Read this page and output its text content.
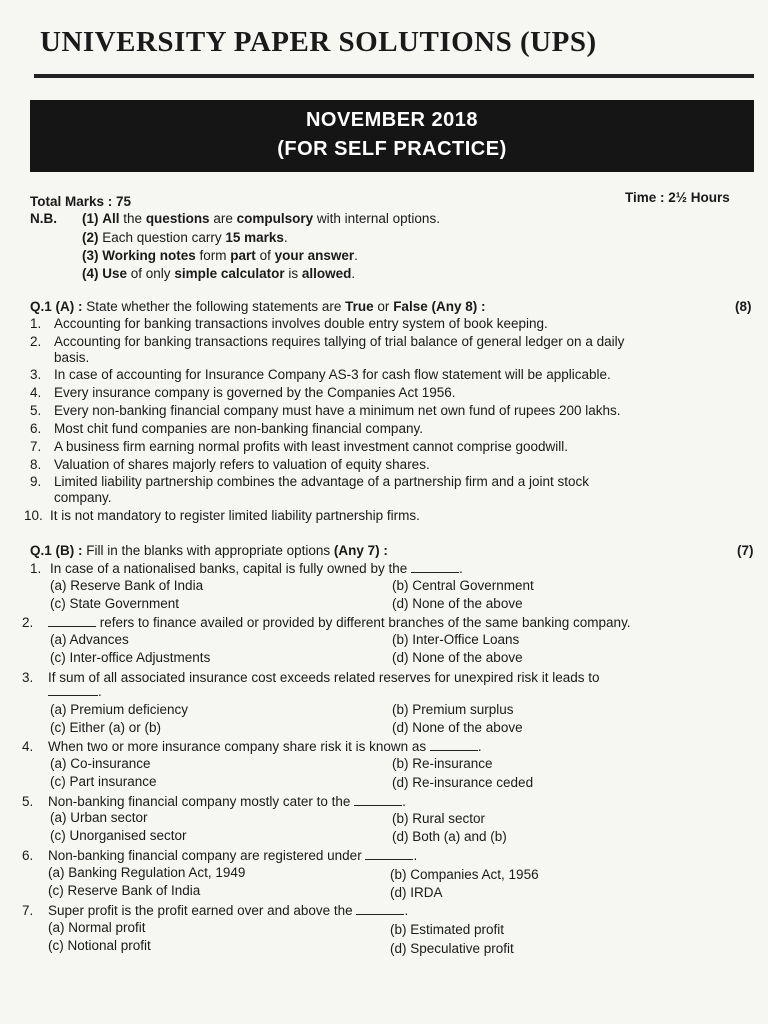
UNIVERSITY PAPER SOLUTIONS (UPS)
NOVEMBER 2018
(FOR SELF PRACTICE)
Total Marks : 75	Time : 2½ Hours
N.B. (1) All the questions are compulsory with internal options.
(2) Each question carry 15 marks.
(3) Working notes form part of your answer.
(4) Use of only simple calculator is allowed.
Q.1 (A) : State whether the following statements are True or False (Any 8) :	(8)
1. Accounting for banking transactions involves double entry system of book keeping.
2. Accounting for banking transactions requires tallying of trial balance of general ledger on a daily
basis.
3. In case of accounting for Insurance Company AS-3 for cash flow statement will be applicable.
4. Every insurance company is governed by the Companies Act 1956.
5. Every non-banking financial company must have a minimum net own fund of rupees 200 lakhs.
6. Most chit fund companies are non-banking financial company.
7. A business firm earning normal profits with least investment cannot comprise goodwill.
8. Valuation of shares majorly refers to valuation of equity shares.
9. Limited liability partnership combines the advantage of a partnership firm and a joint stock
company.
10. It is not mandatory to register limited liability partnership firms.
Q.1 (B) : Fill in the blanks with appropriate options (Any 7) :	(7)
1. In case of a nationalised banks, capital is fully owned by the	.
(a) Reserve Bank of India	(b) Central Government
(c) State Government	(d) None of the above
2.	refers to finance availed or provided by different branches of the same banking company.
(a) Advances	(b) Inter-Office Loans
(c) Inter-office Adjustments	(d) None of the above
3.	If sum of all associated insurance cost exceeds related reserves for unexpired risk it leads to
.
(a) Premium deficiency	(b) Premium surplus
(c) Either (a) or (b)	(d) None of the above
4.	When two or more insurance company share risk it is known as	.
(a) Co-insurance	(b) Re-insurance
(c) Part insurance	(d) Re-insurance ceded
5.	Non-banking financial company mostly cater to the	.
(a) Urban sector	(b) Rural sector
(c) Unorganised sector	(d) Both (a) and (b)
6.	Non-banking financial company are registered under	.
(a) Banking Regulation Act, 1949	(b) Companies Act, 1956
(c) Reserve Bank of India	(d) IRDA
7.	Super profit is the profit earned over and above the	.
(a) Normal profit	(b) Estimated profit
(c) Notional profit	(d) Speculative profit
